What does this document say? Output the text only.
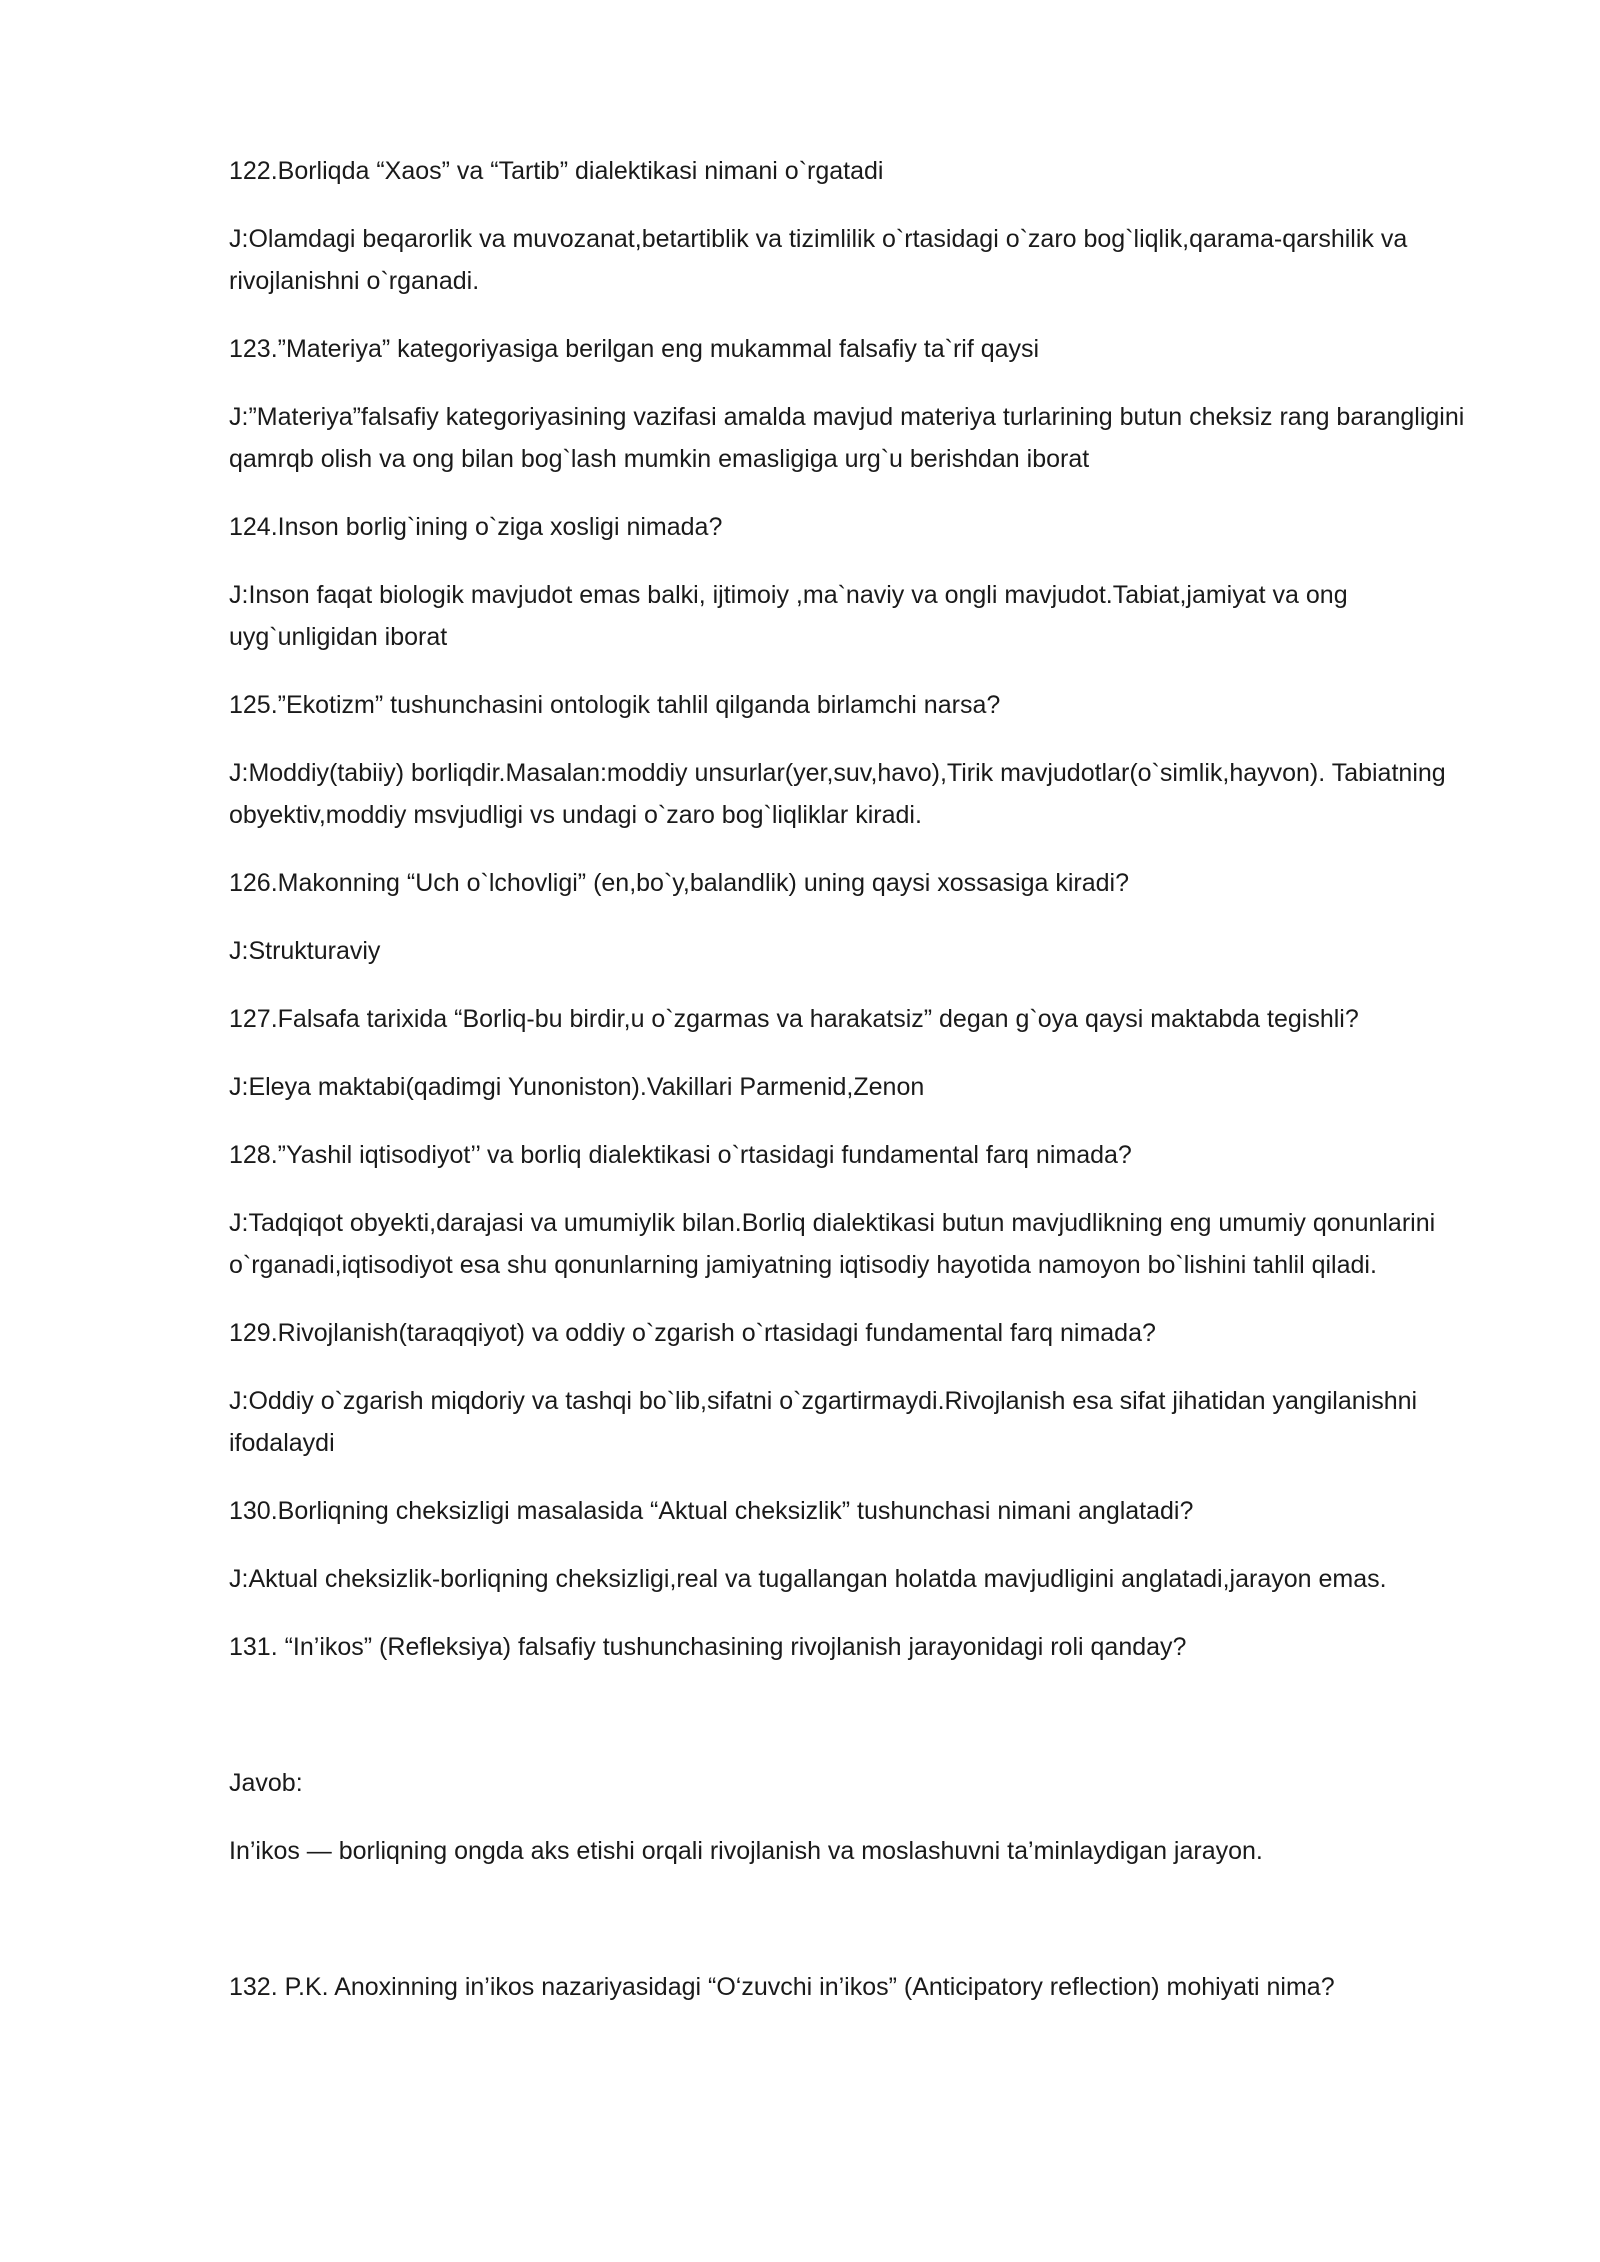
122.Borliqda “Xaos” va “Tartib” dialektikasi nimani o`rgatadi

J:Olamdagi beqarorlik va muvozanat,betartiblik va tizimlilik o`rtasidagi o`zaro bog`liqlik,qarama-qarshilik va rivojlanishni o`rganadi.

123.”Materiya” kategoriyasiga berilgan eng mukammal falsafiy ta`rif qaysi

J:”Materiya”falsafiy kategoriyasining vazifasi amalda mavjud materiya turlarining butun cheksiz rang barangligini qamrqb olish va ong bilan bog`lash mumkin emasligiga urg`u berishdan iborat

124.Inson borlig`ining o`ziga xosligi nimada?

J:Inson faqat biologik mavjudot emas balki, ijtimoiy ,ma`naviy va ongli mavjudot.Tabiat,jamiyat va ong uyg`unligidan iborat

125.”Ekotizm” tushunchasini ontologik tahlil qilganda birlamchi narsa?

J:Moddiy(tabiiy) borliqdir.Masalan:moddiy unsurlar(yer,suv,havo),Tirik mavjudotlar(o`simlik,hayvon). Tabiatning obyektiv,moddiy msvjudligi vs undagi o`zaro bog`liqliklar kiradi.

126.Makonning “Uch o`lchovligi” (en,bo`y,balandlik) uning qaysi xossasiga kiradi?

J:Strukturaviy

127.Falsafa tarixida “Borliq-bu birdir,u o`zgarmas va harakatsiz” degan g`oya qaysi maktabda tegishli?

J:Eleya maktabi(qadimgi Yunoniston).Vakillari Parmenid,Zenon

128.”Yashil iqtisodiyot’’ va borliq dialektikasi o`rtasidagi fundamental farq nimada?

J:Tadqiqot obyekti,darajasi va umumiylik bilan.Borliq dialektikasi butun mavjudlikning eng umumiy qonunlarini o`rganadi,iqtisodiyot esa shu qonunlarning jamiyatning iqtisodiy hayotida namoyon bo`lishini tahlil qiladi.

129.Rivojlanish(taraqqiyot) va oddiy o`zgarish o`rtasidagi fundamental farq nimada?

J:Oddiy o`zgarish miqdoriy va tashqi bo`lib,sifatni o`zgartirmaydi.Rivojlanish esa sifat jihatidan yangilanishni ifodalaydi

130.Borliqning cheksizligi masalasida “Aktual cheksizlik” tushunchasi nimani anglatadi?

J:Aktual cheksizlik-borliqning cheksizligi,real va tugallangan holatda mavjudligini anglatadi,jarayon emas.

131. “In’ikos” (Refleksiya) falsafiy tushunchasining rivojlanish jarayonidagi roli qanday?

Javob:

In’ikos — borliqning ongda aks etishi orqali rivojlanish va moslashuvni ta’minlaydigan jarayon.

132. P.K. Anoxinning in’ikos nazariyasidagi “O‘zuvchi in’ikos” (Anticipatory reflection) mohiyati nima?
